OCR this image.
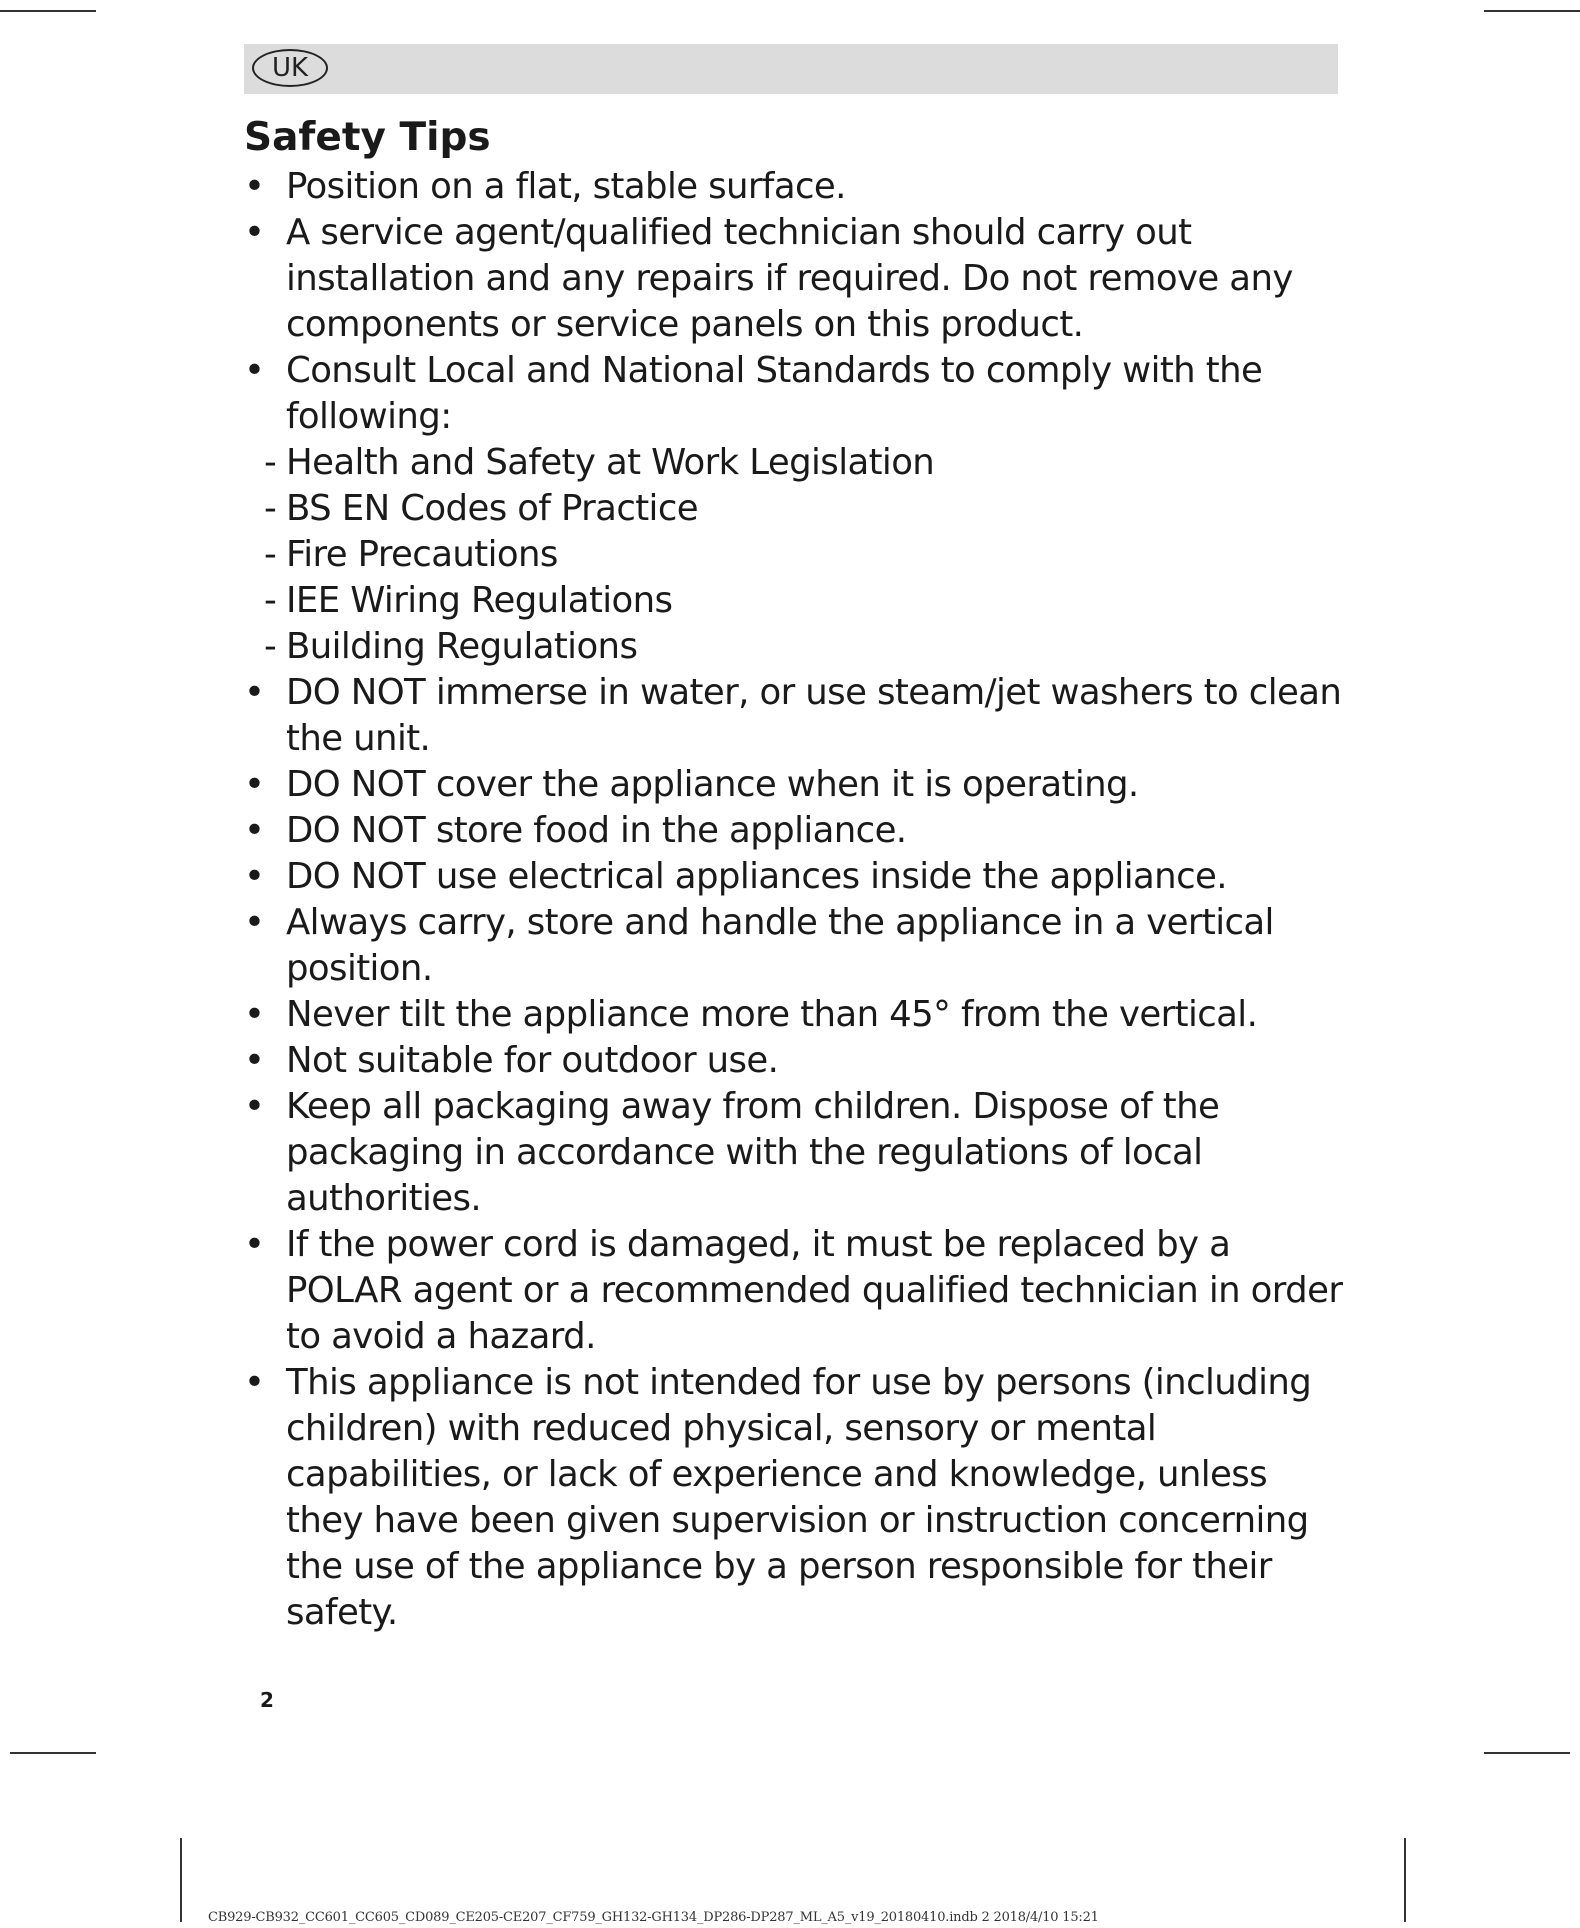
UK
Safety Tips
• Position on a flat, stable surface.
• A service agent/qualified technician should carry out installation and any repairs if required. Do not remove any components or service panels on this product.
• Consult Local and National Standards to comply with the following:
- Health and Safety at Work Legislation
- BS EN Codes of Practice
- Fire Precautions
- IEE Wiring Regulations
- Building Regulations
• DO NOT immerse in water, or use steam/jet washers to clean the unit.
• DO NOT cover the appliance when it is operating.
• DO NOT store food in the appliance.
• DO NOT use electrical appliances inside the appliance.
• Always carry, store and handle the appliance in a vertical position.
• Never tilt the appliance more than 45° from the vertical.
• Not suitable for outdoor use.
• Keep all packaging away from children. Dispose of the packaging in accordance with the regulations of local authorities.
• If the power cord is damaged, it must be replaced by a POLAR agent or a recommended qualified technician in order to avoid a hazard.
• This appliance is not intended for use by persons (including children) with reduced physical, sensory or mental capabilities, or lack of experience and knowledge, unless they have been given supervision or instruction concerning the use of the appliance by a person responsible for their safety.
2
CB929-CB932_CC601_CC605_CD089_CE205-CE207_CF759_GH132-GH134_DP286-DP287_ML_A5_v19_20180410.indb 2 2018/4/10 15:21
